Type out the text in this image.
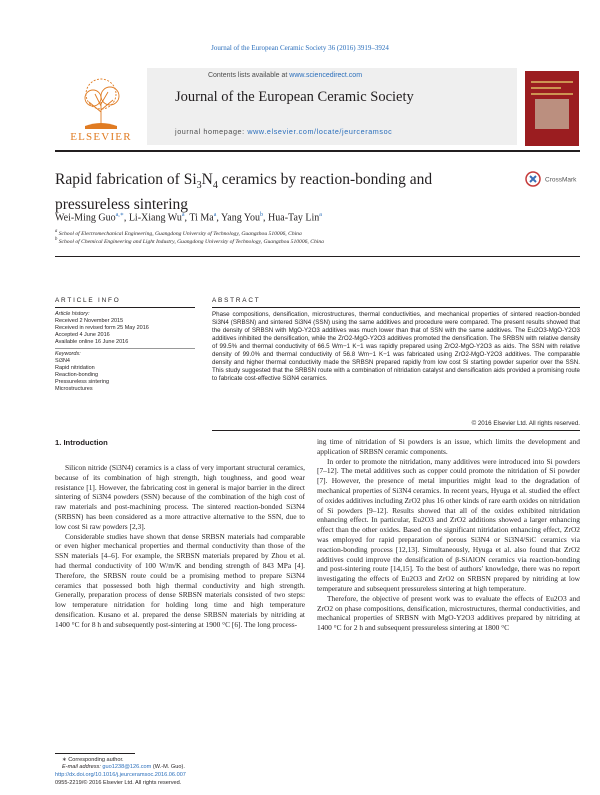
Journal of the European Ceramic Society 36 (2016) 3919–3924
ELSEVIER
Contents lists available at www.sciencedirect.com
Journal of the European Ceramic Society
journal homepage: www.elsevier.com/locate/jeurceramsoc
Rapid fabrication of $Si_3N_4$ ceramics by reaction-bonding and pressureless sintering
CrossMark
Wei-Ming Guo$^{a,∗}$, Li-Xiang Wu$^a$, Ti Ma$^a$, Yang You$^b$, Hua-Tay Lin$^a$
$^a$ School of Electromechanical Engineering, Guangdong University of Technology, Guangzhou 510006, China
$^b$ School of Chemical Engineering and Light Industry, Guangdong University of Technology, Guangzhou 510006, China
ARTICLE INFO
Article history:
Received 2 November 2015
Received in revised form 25 May 2016
Accepted 4 June 2016
Available online 16 June 2016
Keywords:
Si3N4
Rapid nitridation
Reaction-bonding
Pressureless sintering
Microstructures
ABSTRACT
Phase compositions, densification, microstructures, thermal conductivities, and mechanical properties of sintered reaction-bonded Si3N4 (SRBSN) and sintered Si3N4 (SSN) using the same additives and procedure were compared. The present results showed that the density of SRBSN with MgO-Y2O3 additives was much lower than that of SSN with the same additives. The Eu2O3-MgO-Y2O3 additives inhibited the densification, while the ZrO2-MgO-Y2O3 additives promoted the densification. The SRBSN with relative density of 99.5% and thermal conductivity of 66.5 Wm−1 K−1 was rapidly prepared using ZrO2-MgO-Y2O3 as aids. The SSN with relative density of 99.0% and thermal conductivity of 56.8 Wm−1 K−1 was fabricated using ZrO2-MgO-Y2O3 additives. The comparable density and higher thermal conductivity made the SRBSN prepared rapidly from low cost Si starting powder superior over the SSN. This study suggested that the SRBSN route with a combination of nitridation catalyst and densification aids provided a promising route to fabricate cost-effective Si3N4 ceramics.
© 2016 Elsevier Ltd. All rights reserved.
1. Introduction

Silicon nitride (Si3N4) ceramics is a class of very important structural ceramics, because of its combination of high strength, high toughness, and good wear resistance [1]. However, the fabricating cost in general is major barrier in the direct sintering of Si3N4 powders (SSN) because of the combination of the high cost of raw materials and post-machining process. The sintered reaction-bonded Si3N4 (SRBSN) has been considered as a more attractive alternative to the SSN, due to low cost Si raw powders [2,3].

Considerable studies have shown that dense SRBSN materials had comparable or even higher mechanical properties and thermal conductivity than those of the SSN materials [4–6]. For example, the SRBSN materials prepared by Zhou et al. had thermal conductivity of 100 W/m/K and bending strength of 843 MPa [4]. Therefore, the SRBSN route could be a promising method to prepare Si3N4 ceramics that possessed both high thermal conductivity and high strength. Generally, preparation process of dense SRBSN materials consisted of two steps: low temperature nitridation for holding long time and high temperature densification. Kusano et al. prepared the dense SRBSN materials by nitriding at 1400 °C for 8 h and subsequently post-sintering at 1900 °C [6]. The long process-

ing time of nitridation of Si powders is an issue, which limits the development and application of SRBSN ceramic components.

In order to promote the nitridation, many additives were introduced into Si powders [7–12]. The metal additives such as copper could promote the nitridation of Si powder [7]. However, the presence of metal impurities might lead to the degradation of mechanical properties of Si3N4 ceramics. In recent years, Hyuga et al. studied the effect of oxides additives including ZrO2 plus 16 other kinds of rare earth oxides on nitridation of Si powders [9–12]. Results showed that all of the oxides exhibited nitridation enhancing effect. In particular, Eu2O3 and ZrO2 additions showed a larger enhancing effect than the other oxides. Based on the significant nitridation enhancing effect, ZrO2 was employed for rapid preparation of porous Si3N4 or Si3N4/SiC ceramics via reaction-bonding process [12,13]. Simultaneously, Hyuga et al. also found that ZrO2 additives could improve the densification of β-SiAlON ceramics via reaction-bonding and post-sintering route [14,15]. To the best of authors' knowledge, there was no report investigating the effects of Eu2O3 and ZrO2 on SRBSN prepared by nitriding at low temperature and subsequent pressureless sintering at high temperature.

Therefore, the objective of present work was to evaluate the effects of Eu2O3 and ZrO2 on phase compositions, densification, microstructures, thermal conductivities, and mechanical properties of SRBSN with MgO-Y2O3 additives prepared by nitriding at 1400 °C for 2 h and subsequent pressureless sintering at 1800 °C

∗ Corresponding author.
E-mail address: guo1238@126.com (W.-M. Guo).
http://dx.doi.org/10.1016/j.jeurceramsoc.2016.06.007
0955-2219/© 2016 Elsevier Ltd. All rights reserved.
